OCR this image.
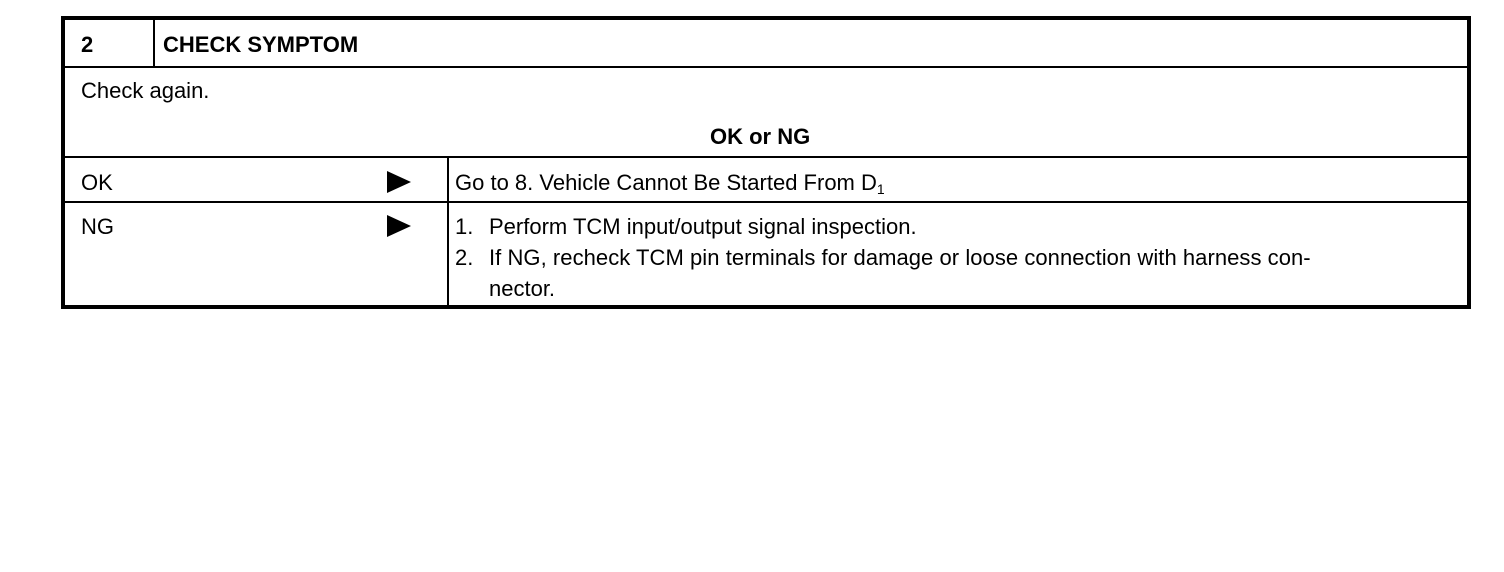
2	CHECK SYMPTOM
Check again.
OK or NG
OK	Go to 8. Vehicle Cannot Be Started From $D_1$
NG	1. Perform TCM input/output signal inspection.
2. If NG, recheck TCM pin terminals for damage or loose connection with harness con-
nector.
